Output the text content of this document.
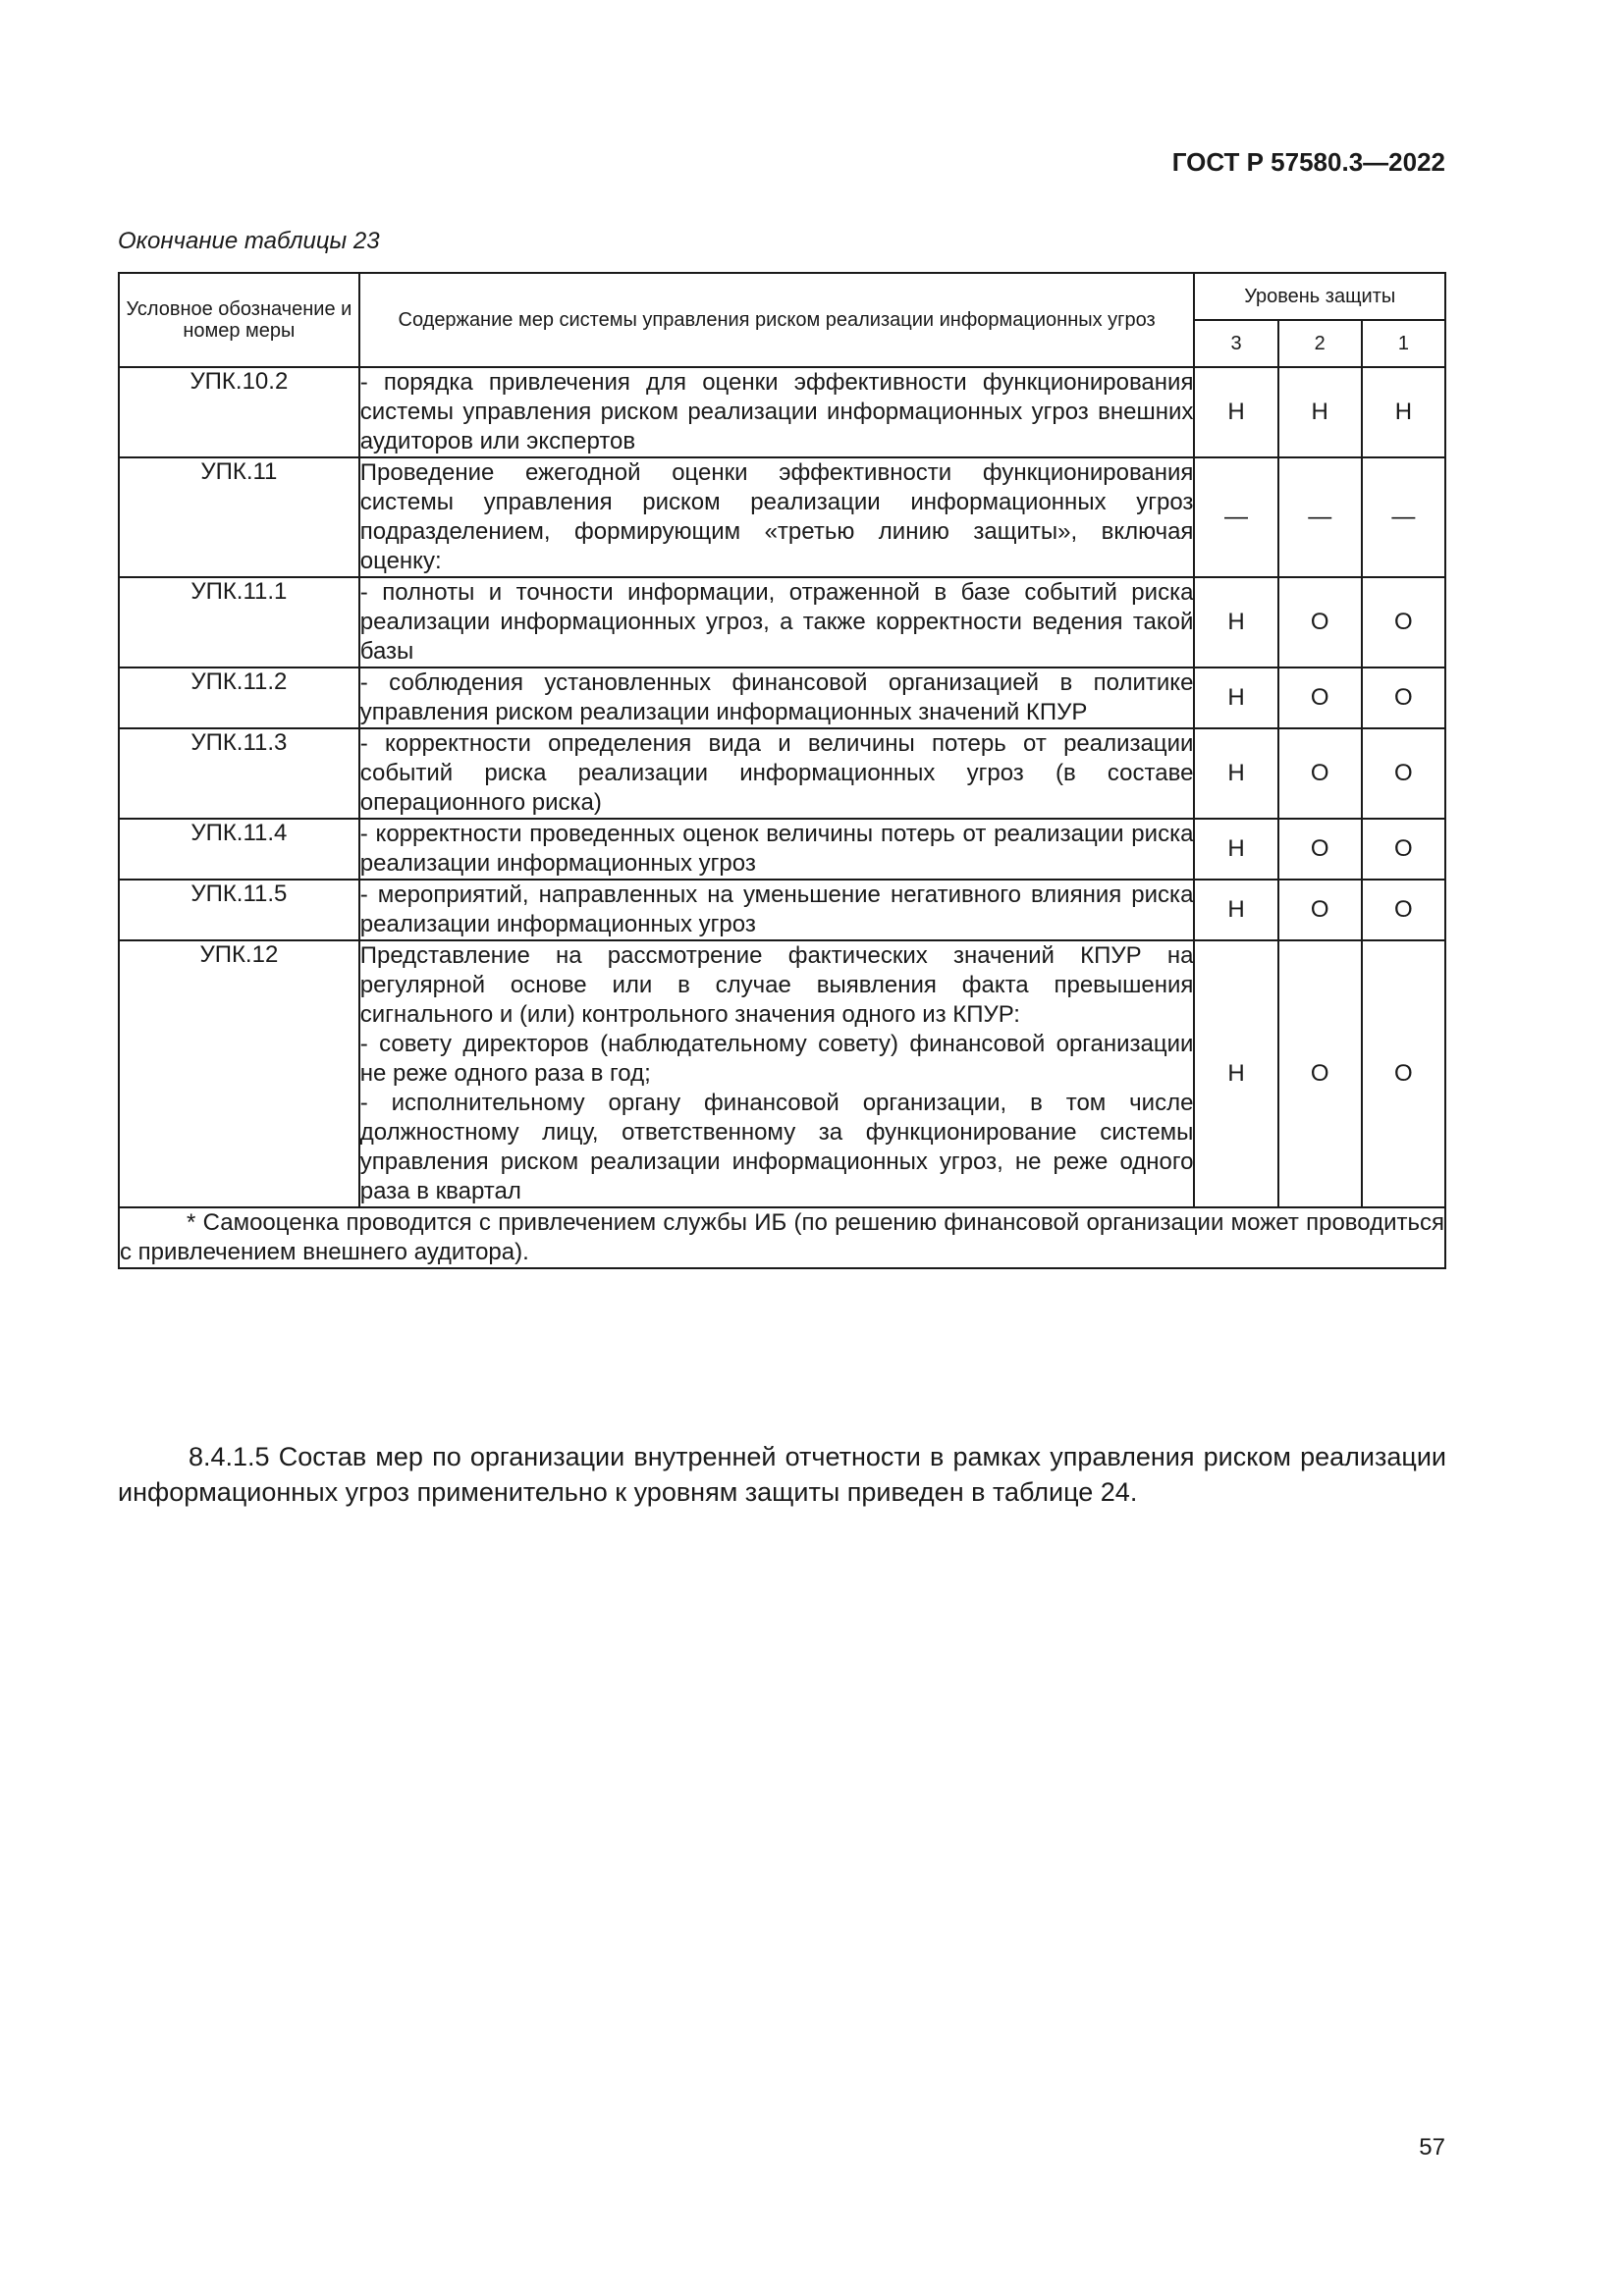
ГОСТ Р 57580.3—2022
Окончание таблицы 23
Условное обозначение и номер меры	Содержание мер системы управления риском реализации информационных угроз	Уровень защиты		
		3	2	1
УПК.10.2	- порядка привлечения для оценки эффективности функционирования системы управления риском реализации информационных угроз внешних аудиторов или экспертов	Н	Н	Н
УПК.11	Проведение ежегодной оценки эффективности функционирования системы управления риском реализации информационных угроз подразделением, формирующим «третью линию защиты», включая оценку:	—	—	—
УПК.11.1	- полноты и точности информации, отраженной в базе событий риска реализации информационных угроз, а также корректности ведения такой базы	Н	О	О
УПК.11.2	- соблюдения установленных финансовой организацией в политике управления риском реализации информационных значений КПУР	Н	О	О
УПК.11.3	- корректности определения вида и величины потерь от реализации событий риска реализации информационных угроз (в составе операционного риска)	Н	О	О
УПК.11.4	- корректности проведенных оценок величины потерь от реализации риска реализации информационных угроз	Н	О	О
УПК.11.5	- мероприятий, направленных на уменьшение негативного влияния риска реализации информационных угроз	Н	О	О
УПК.12	Представление на рассмотрение фактических значений КПУР на регулярной основе или в случае выявления факта превышения сигнального и (или) контрольного значения одного из КПУР:
- совету директоров (наблюдательному совету) финансовой организации не реже одного раза в год;
- исполнительному органу финансовой организации, в том числе должностному лицу, ответственному за функционирование системы управления риском реализации информационных угроз, не реже одного раза в квартал	Н	О	О
* Самооценка проводится с привлечением службы ИБ (по решению финансовой организации может проводиться с привлечением внешнего аудитора).				
8.4.1.5 Состав мер по организации внутренней отчетности в рамках управления риском реализации информационных угроз применительно к уровням защиты приведен в таблице 24.
57
